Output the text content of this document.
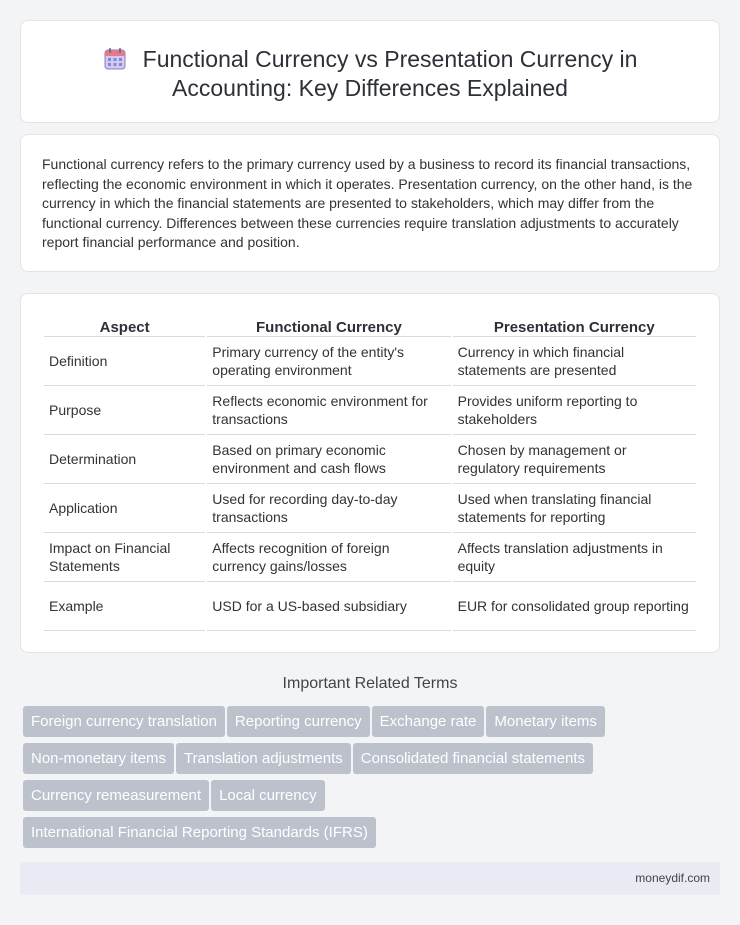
Functional Currency vs Presentation Currency in
Accounting: Key Differences Explained

Functional currency refers to the primary currency used by a business to record its financial transactions, reflecting the economic environment in which it operates. Presentation currency, on the other hand, is the currency in which the financial statements are presented to stakeholders, which may differ from the functional currency. Differences between these currencies require translation adjustments to accurately report financial performance and position.

Aspect	Functional Currency	Presentation Currency
Definition	Primary currency of the entity's operating environment	Currency in which financial statements are presented
Purpose	Reflects economic environment for transactions	Provides uniform reporting to stakeholders
Determination	Based on primary economic environment and cash flows	Chosen by management or regulatory requirements
Application	Used for recording day-to-day transactions	Used when translating financial statements for reporting
Impact on Financial Statements	Affects recognition of foreign currency gains/losses	Affects translation adjustments in equity
Example	USD for a US-based subsidiary	EUR for consolidated group reporting
Important Related Terms
Foreign currency translation Reporting currency Exchange rate Monetary items
Non-monetary items Translation adjustments Consolidated financial statements
Currency remeasurement Local currency
International Financial Reporting Standards (IFRS)
moneydif.com
